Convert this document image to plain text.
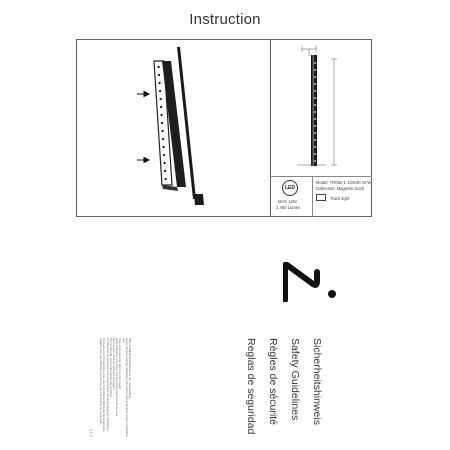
Instruction
LED
MAX 12W
1 400 Lumen
Model: TR082-1-12W4K-M-W
Collection: Magnetic track
Track light
Sicherheitshinweis
Safety Guidelines
Règles de sécurité
Reglas de seguridad
Bitte Installationsanleitung vor der Verwendung
lesen. Please read the following instructions and guidelines before installation
use.
Pour votre sécurité, lisez la notice avant
toute utilisation. Por favor, lea las instrucciones antes de usar.
Ne pas jeter avec les déchets ménagers.
Por la vida útil, lea la información del producto.
Le fabricant ne peut être tenu responsable des dommages de l'utilisation.
Conservez les instructions pour une consultation ultérieure de la garantie.
Valable pour une utilisation conforme aux instructions de la garantie.
4 1 2
